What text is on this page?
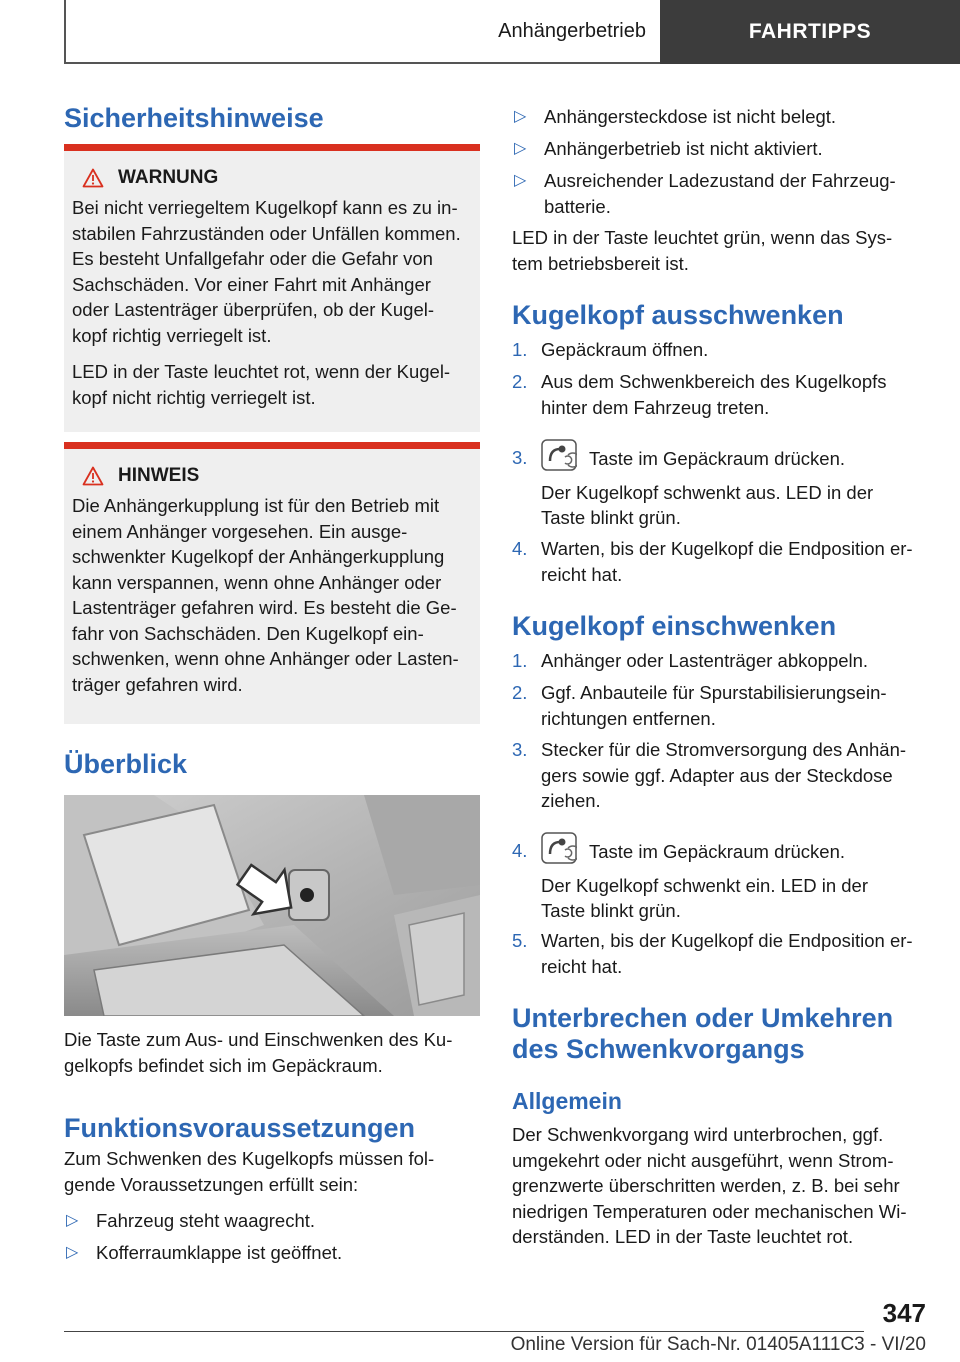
Anhängerbetrieb	FAHRTIPPS
Sicherheitshinweise
WARNUNG

Bei nicht verriegeltem Kugelkopf kann es zu in-
stabilen Fahrzuständen oder Unfällen kommen.
Es besteht Unfallgefahr oder die Gefahr von
Sachschäden. Vor einer Fahrt mit Anhänger
oder Lastenträger überprüfen, ob der Kugel-
kopf richtig verriegelt ist.

LED in der Taste leuchtet rot, wenn der Kugel-
kopf nicht richtig verriegelt ist.

HINWEIS

Die Anhängerkupplung ist für den Betrieb mit
einem Anhänger vorgesehen. Ein ausge-
schwenkter Kugelkopf der Anhängerkupplung
kann verspannen, wenn ohne Anhänger oder
Lastenträger gefahren wird. Es besteht die Ge-
fahr von Sachschäden. Den Kugelkopf ein-
schwenken, wenn ohne Anhänger oder Lasten-
träger gefahren wird.

Überblick

Die Taste zum Aus- und Einschwenken des Ku-
gelkopfs befindet sich im Gepäckraum.

Funktionsvoraussetzungen

Zum Schwenken des Kugelkopfs müssen fol-
gende Voraussetzungen erfüllt sein:

▷ Fahrzeug steht waagrecht.
▷ Kofferraumklappe ist geöffnet.
▷ Anhängersteckdose ist nicht belegt.
▷ Anhängerbetrieb ist nicht aktiviert.
▷ Ausreichender Ladezustand der Fahrzeug-
batterie.

LED in der Taste leuchtet grün, wenn das Sys-
tem betriebsbereit ist.

Kugelkopf ausschwenken
1. Gepäckraum öffnen.
2. Aus dem Schwenkbereich des Kugelkopfs
hinter dem Fahrzeug treten.
3.	Taste im Gepäckraum drücken.
Der Kugelkopf schwenkt aus. LED in der
Taste blinkt grün.
4. Warten, bis der Kugelkopf die Endposition er-
reicht hat.
Kugelkopf einschwenken
1. Anhänger oder Lastenträger abkoppeln.
2. Ggf. Anbauteile für Spurstabilisierungsein-
richtungen entfernen.
3. Stecker für die Stromversorgung des Anhän-
gers sowie ggf. Adapter aus der Steckdose
ziehen.
4.	Taste im Gepäckraum drücken.
Der Kugelkopf schwenkt ein. LED in der
Taste blinkt grün.
5. Warten, bis der Kugelkopf die Endposition er-
reicht hat.
Unterbrechen oder Umkehren
des Schwenkvorgangs
Allgemein

Der Schwenkvorgang wird unterbrochen, ggf.
umgekehrt oder nicht ausgeführt, wenn Strom-
grenzwerte überschritten werden, z. B. bei sehr
niedrigen Temperaturen oder mechanischen Wi-
derständen. LED in der Taste leuchtet rot.

347
Online Version für Sach-Nr. 01405A111C3 - VI/20
